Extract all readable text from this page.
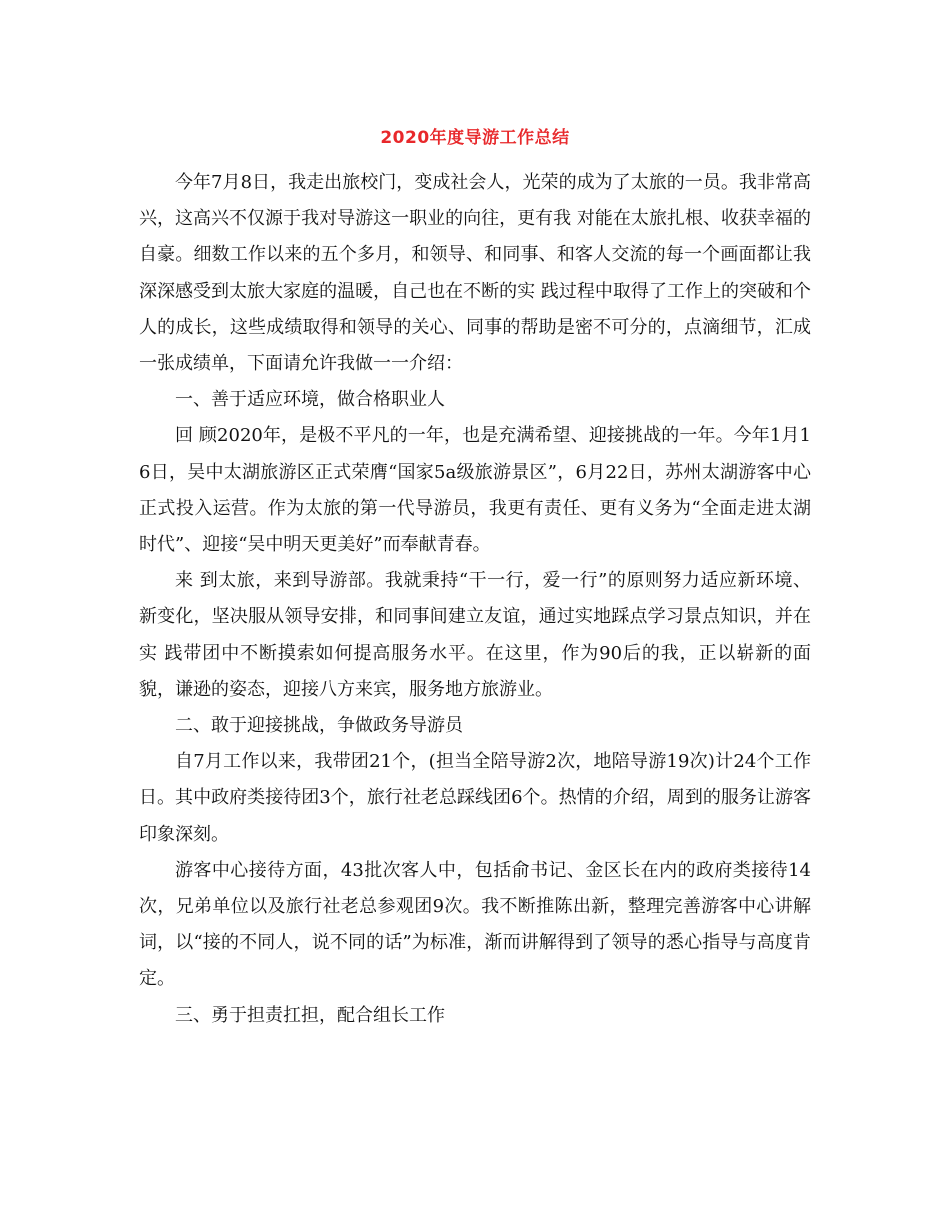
2020年度导游工作总结

今年7月8日，我走出旅校门，变成社会人，光荣的成为了太旅的一员。我非常高兴，这高兴不仅源于我对导游这一职业的向往，更有我 对能在太旅扎根、收获幸福的自豪。细数工作以来的五个多月，和领导、和同事、和客人交流的每一个画面都让我深深感受到太旅大家庭的温暖，自己也在不断的实 践过程中取得了工作上的突破和个人的成长，这些成绩取得和领导的关心、同事的帮助是密不可分的，点滴细节，汇成一张成绩单，下面请允许我做一一介绍：

一、善于适应环境，做合格职业人

回 顾2020年，是极不平凡的一年，也是充满希望、迎接挑战的一年。今年1月16日，吴中太湖旅游区正式荣膺“国家5a级旅游景区”，6月22日，苏州太湖游客中心正式投入运营。作为太旅的第一代导游员，我更有责任、更有义务为“全面走进太湖时代”、迎接“吴中明天更美好”而奉献青春。

来 到太旅，来到导游部。我就秉持“干一行，爱一行”的原则努力适应新环境、新变化，坚决服从领导安排，和同事间建立友谊，通过实地踩点学习景点知识，并在实 践带团中不断摸索如何提高服务水平。在这里，作为90后的我，正以崭新的面貌，谦逊的姿态，迎接八方来宾，服务地方旅游业。

二、敢于迎接挑战，争做政务导游员

自7月工作以来，我带团21个，(担当全陪导游2次，地陪导游19次)计24个工作日。其中政府类接待团3个，旅行社老总踩线团6个。热情的介绍，周到的服务让游客印象深刻。

游客中心接待方面，43批次客人中，包括俞书记、金区长在内的政府类接待14次，兄弟单位以及旅行社老总参观团9次。我不断推陈出新，整理完善游客中心讲解词，以“接的不同人，说不同的话”为标准，渐而讲解得到了领导的悉心指导与高度肯定。

三、勇于担责扛担，配合组长工作
